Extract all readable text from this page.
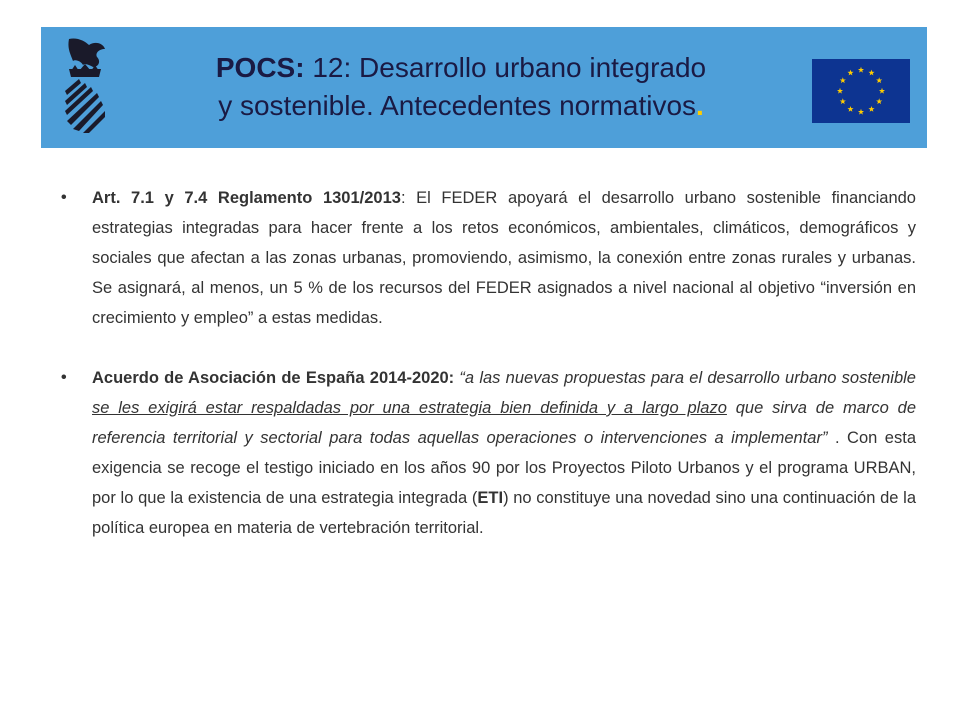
POCS: 12: Desarrollo urbano integrado
y sostenible. Antecedentes normativos.
• Art. 7.1 y 7.4 Reglamento 1301/2013: El FEDER apoyará el desarrollo urbano sostenible financiando estrategias integradas para hacer frente a los retos económicos, ambientales, climáticos, demográficos y sociales que afectan a las zonas urbanas, promoviendo, asimismo, la conexión entre zonas rurales y urbanas. Se asignará, al menos, un 5 % de los recursos del FEDER asignados a nivel nacional al objetivo “inversión en crecimiento y empleo” a estas medidas.
• Acuerdo de Asociación de España 2014-2020: “a las nuevas propuestas para el desarrollo urbano sostenible se les exigirá estar respaldadas por una estrategia bien definida y a largo plazo que sirva de marco de referencia territorial y sectorial para todas aquellas operaciones o intervenciones a implementar” . Con esta exigencia se recoge el testigo iniciado en los años 90 por los Proyectos Piloto Urbanos y el programa URBAN, por lo que la existencia de una estrategia integrada (ETI) no constituye una novedad sino una continuación de la política europea en materia de vertebración territorial.
